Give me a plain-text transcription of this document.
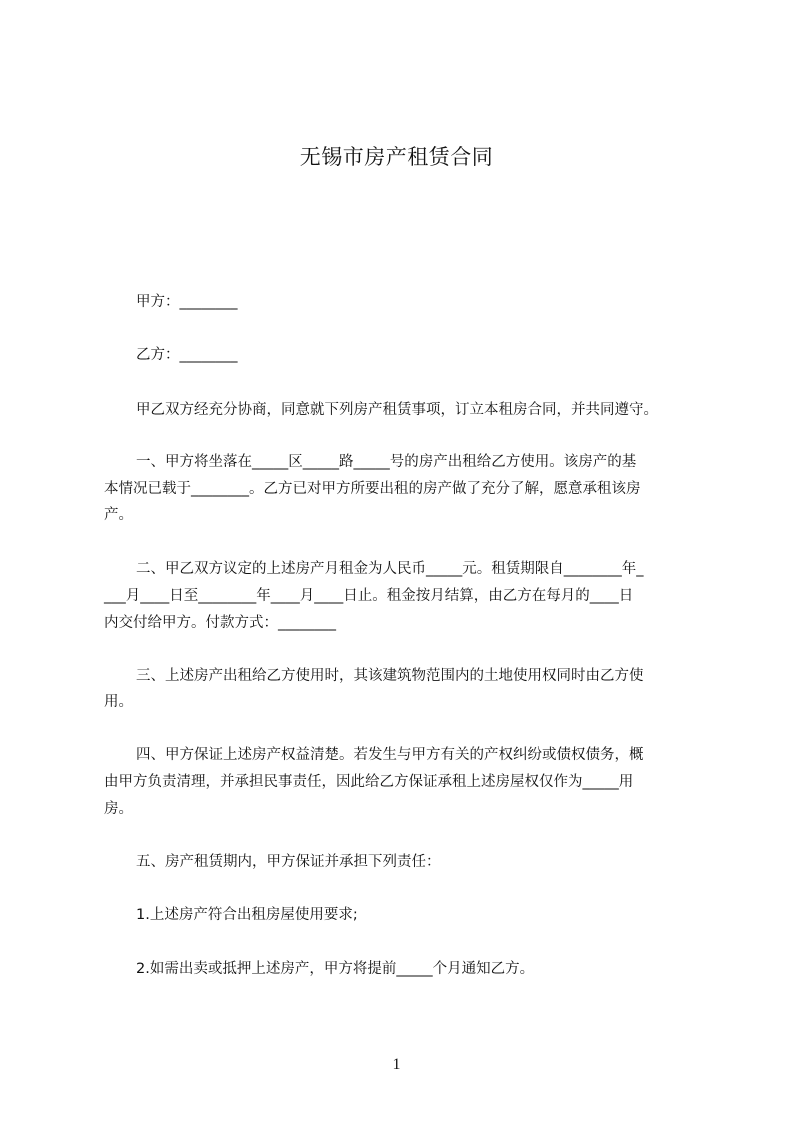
无锡市房产租赁合同

甲方：________

乙方：________

甲乙双方经充分协商，同意就下列房产租赁事项，订立本租房合同，并共同遵守。

一、甲方将坐落在_____区_____路_____号的房产出租给乙方使用。该房产的基

本情况已载于________。乙方已对甲方所要出租的房产做了充分了解，愿意承租该房

产。

二、甲乙双方议定的上述房产月租金为人民币_____元。租赁期限自________年_

___月____日至________年____月____日止。租金按月结算，由乙方在每月的____日

内交付给甲方。付款方式：________

三、上述房产出租给乙方使用时，其该建筑物范围内的土地使用权同时由乙方使

用。

四、甲方保证上述房产权益清楚。若发生与甲方有关的产权纠纷或债权债务，概

由甲方负责清理，并承担民事责任，因此给乙方保证承租上述房屋权仅作为_____用

房。

五、房产租赁期内，甲方保证并承担下列责任：

1.上述房产符合出租房屋使用要求;

2.如需出卖或抵押上述房产，甲方将提前_____个月通知乙方。

1
